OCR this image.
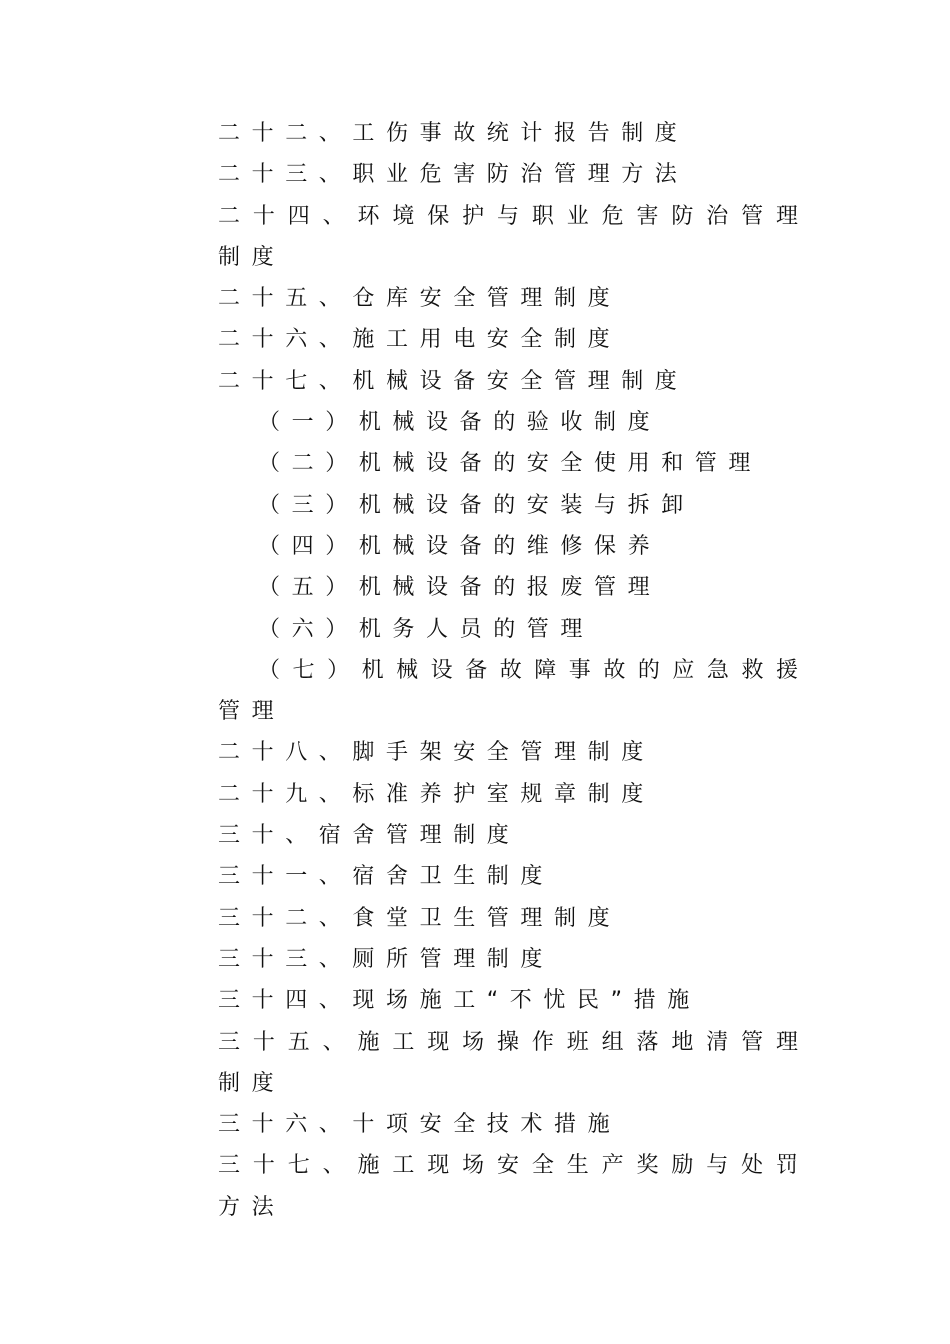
二十二、工伤事故统计报告制度
二十三、职业危害防治管理方法
二十四、环境保护与职业危害防治管理
制度
二十五、仓库安全管理制度
二十六、施工用电安全制度
二十七、机械设备安全管理制度
（一）机械设备的验收制度
（二）机械设备的安全使用和管理
（三）机械设备的安装与拆卸
（四）机械设备的维修保养
（五）机械设备的报废管理
（六）机务人员的管理
（七）机械设备故障事故的应急救援
管理
二十八、脚手架安全管理制度
二十九、标准养护室规章制度
三十、宿舍管理制度
三十一、宿舍卫生制度
三十二、食堂卫生管理制度
三十三、厕所管理制度
三十四、现场施工“不忧民”措施
三十五、施工现场操作班组落地清管理
制度
三十六、十项安全技术措施
三十七、施工现场安全生产奖励与处罚
方法
